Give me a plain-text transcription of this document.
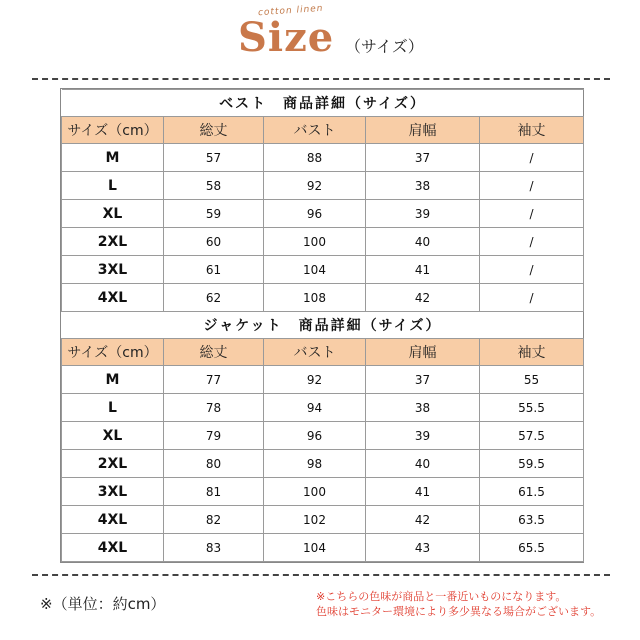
cotton linen
Size （サイズ）
ベスト　商品詳細（サイズ）				
サイズ（cm）	総丈	バスト	肩幅	袖丈
M	57	88	37	/
L	58	92	38	/
XL	59	96	39	/
2XL	60	100	40	/
3XL	61	104	41	/
4XL	62	108	42	/
ジャケット　商品詳細（サイズ）				
サイズ（cm）	総丈	バスト	肩幅	袖丈
M	77	92	37	55
L	78	94	38	55.5
XL	79	96	39	57.5
2XL	80	98	40	59.5
3XL	81	100	41	61.5
4XL	82	102	42	63.5
4XL	83	104	43	65.5
※（単位：約cm）	※こちらの色味が商品と一番近いものになります。
色味はモニター環境により多少異なる場合がございます。
